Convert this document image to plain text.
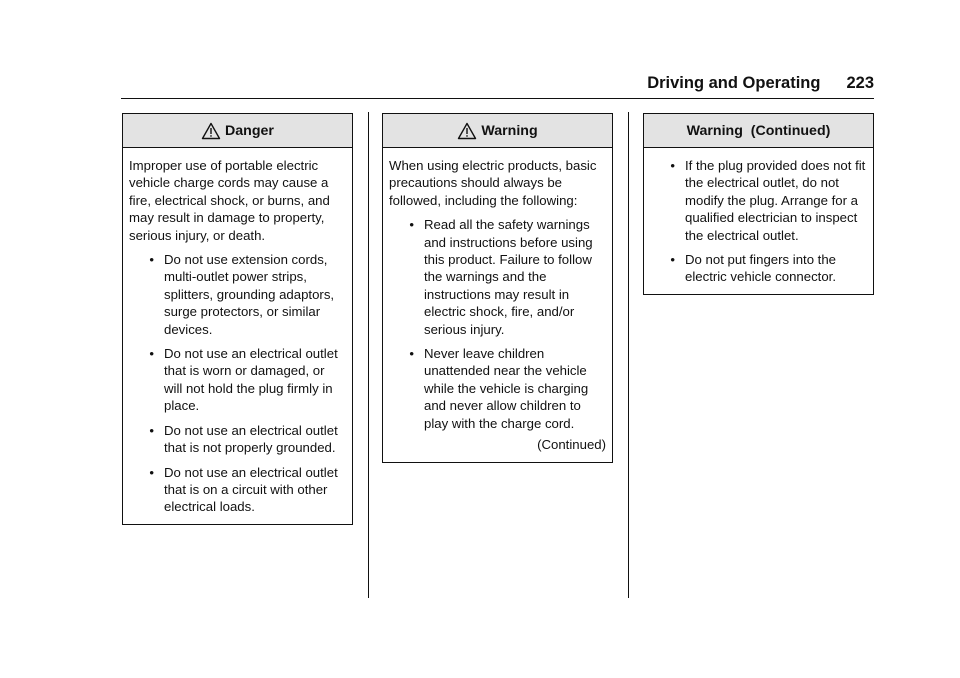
Driving and Operating 223
Danger

Improper use of portable electric vehicle charge cords may cause a fire, electrical shock, or burns, and may result in damage to property, serious injury, or death.

• Do not use extension cords, multi-outlet power strips, splitters, grounding adaptors, surge protectors, or similar devices.
• Do not use an electrical outlet that is worn or damaged, or will not hold the plug firmly in place.
• Do not use an electrical outlet that is not properly grounded.
• Do not use an electrical outlet that is on a circuit with other electrical loads.
Warning

When using electric products, basic precautions should always be followed, including the following:

• Read all the safety warnings and instructions before using this product. Failure to follow the warnings and the instructions may result in electric shock, fire, and/or serious injury.
• Never leave children unattended near the vehicle while the vehicle is charging and never allow children to play with the charge cord.
(Continued)
Warning  (Continued)
• If the plug provided does not fit the electrical outlet, do not modify the plug. Arrange for a qualified electrician to inspect the electrical outlet.
• Do not put fingers into the electric vehicle connector.
